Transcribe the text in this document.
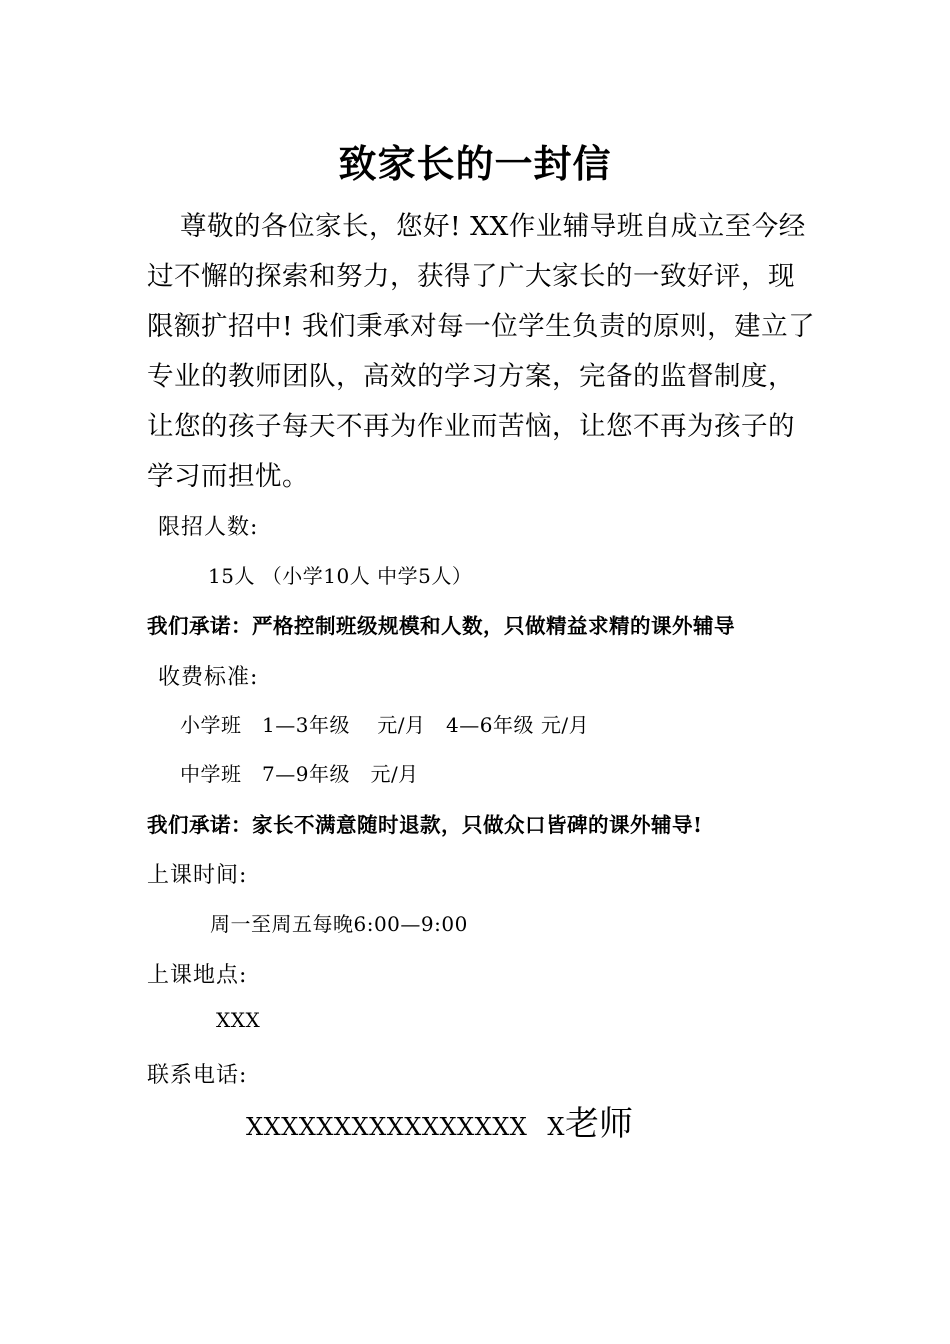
致家长的一封信

尊敬的各位家长，您好! XX作业辅导班自成立至今经过不懈的探索和努力，获得了广大家长的一致好评，现限额扩招中! 我们秉承对每一位学生负责的原则，建立了专业的教师团队，高效的学习方案，完备的监督制度，让您的孩子每天不再为作业而苦恼，让您不再为孩子的学习而担忧。

限招人数:
15人 （小学10人 中学5人）
我们承诺：严格控制班级规模和人数，只做精益求精的课外辅导
收费标准:
小学班　1—3年级　 元/月　4—6年级 元/月
中学班　7—9年级　元/月
我们承诺：家长不满意随时退款，只做众口皆碑的课外辅导!
上课时间:
周一至周五每晚6:00—9:00
上课地点:
XXX
联系电话:
XXXXXXXXXXXXXXXX X老师
